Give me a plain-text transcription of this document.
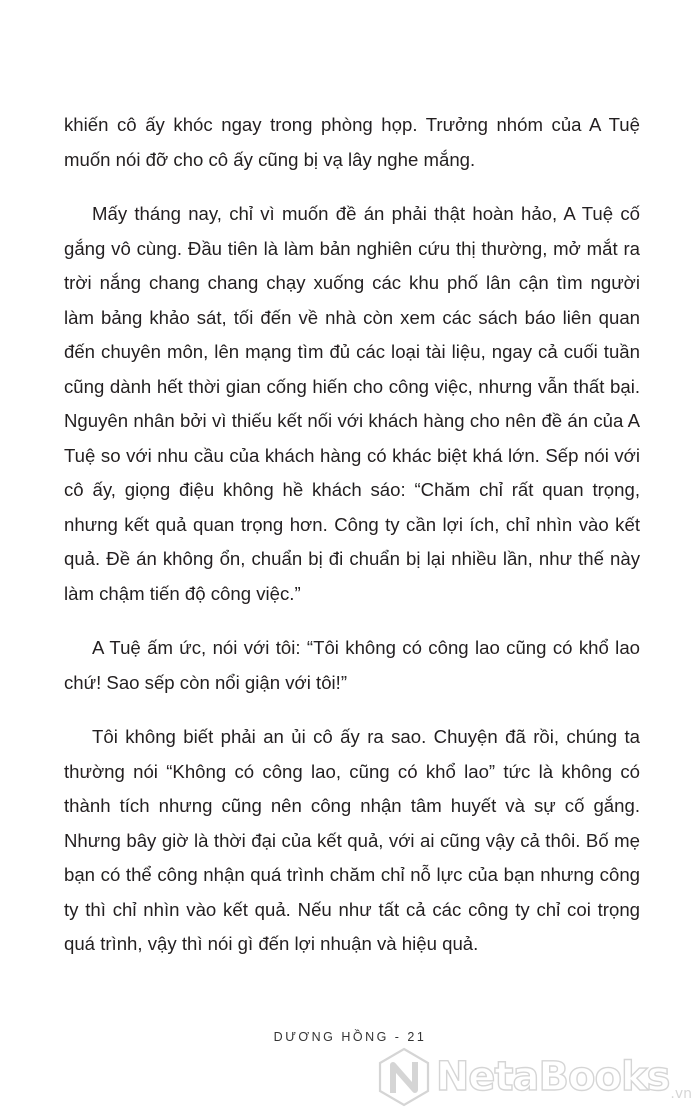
khiến cô ấy khóc ngay trong phòng họp. Trưởng nhóm của A Tuệ muốn nói đỡ cho cô ấy cũng bị vạ lây nghe mắng.

Mấy tháng nay, chỉ vì muốn đề án phải thật hoàn hảo, A Tuệ cố gắng vô cùng. Đầu tiên là làm bản nghiên cứu thị thường, mở mắt ra trời nắng chang chang chạy xuống các khu phố lân cận tìm người làm bảng khảo sát, tối đến về nhà còn xem các sách báo liên quan đến chuyên môn, lên mạng tìm đủ các loại tài liệu, ngay cả cuối tuần cũng dành hết thời gian cống hiến cho công việc, nhưng vẫn thất bại. Nguyên nhân bởi vì thiếu kết nối với khách hàng cho nên đề án của A Tuệ so với nhu cầu của khách hàng có khác biệt khá lớn. Sếp nói với cô ấy, giọng điệu không hề khách sáo: “Chăm chỉ rất quan trọng, nhưng kết quả quan trọng hơn. Công ty cần lợi ích, chỉ nhìn vào kết quả. Đề án không ổn, chuẩn bị đi chuẩn bị lại nhiều lần, như thế này làm chậm tiến độ công việc.”

A Tuệ ấm ức, nói với tôi: “Tôi không có công lao cũng có khổ lao chứ! Sao sếp còn nổi giận với tôi!”

Tôi không biết phải an ủi cô ấy ra sao. Chuyện đã rồi, chúng ta thường nói “Không có công lao, cũng có khổ lao” tức là không có thành tích nhưng cũng nên công nhận tâm huyết và sự cố gắng. Nhưng bây giờ là thời đại của kết quả, với ai cũng vậy cả thôi. Bố mẹ bạn có thể công nhận quá trình chăm chỉ nỗ lực của bạn nhưng công ty thì chỉ nhìn vào kết quả. Nếu như tất cả các công ty chỉ coi trọng quá trình, vậy thì nói gì đến lợi nhuận và hiệu quả.

DƯƠNG HỒNG - 21
NetaBooks .vn
